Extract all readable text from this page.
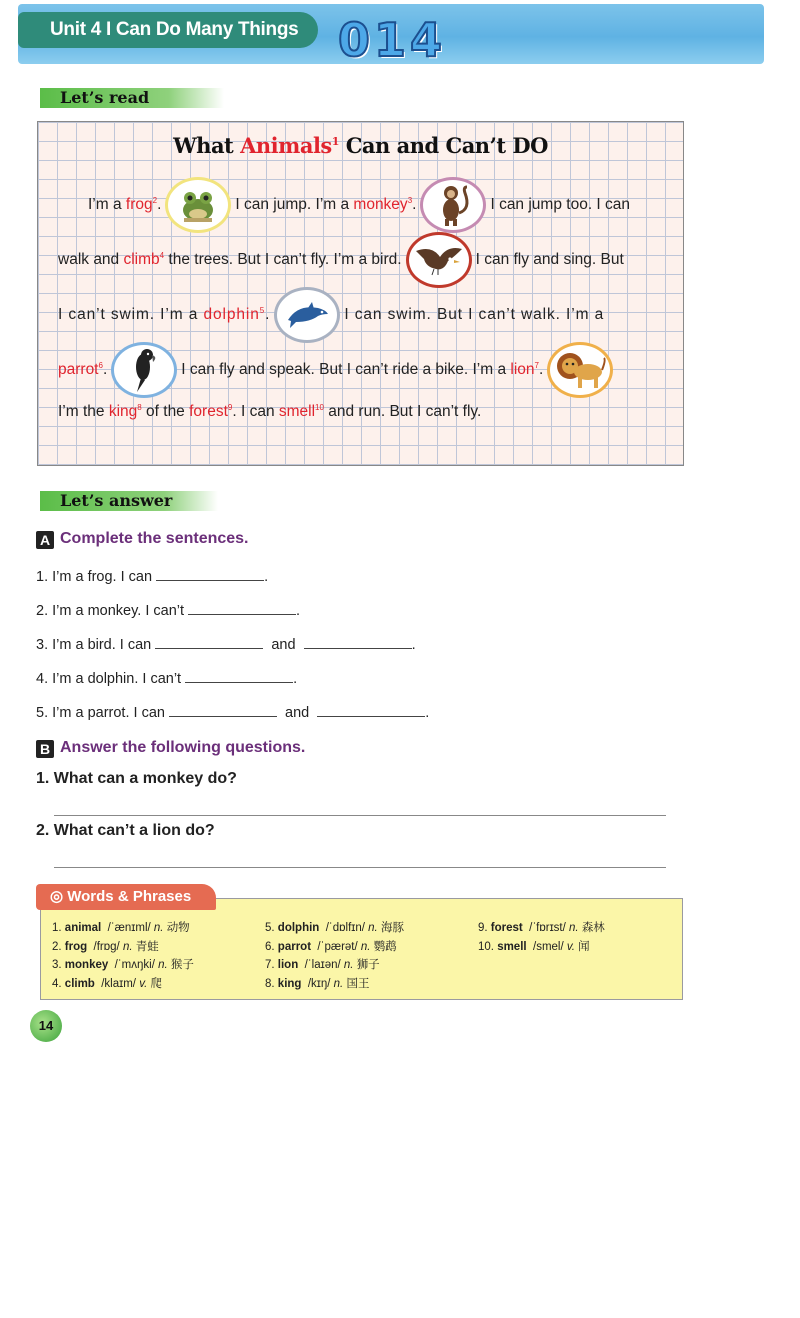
Unit 4 I Can Do Many Things 014
Let’s read
What Animals$^1$ Can and Can’t DO
I’m a frog$^2$.	I can jump. I’m a monkey$^3$.	I can jump too. I can
walk and climb$^4$ the trees. But I can’t fly. I’m a bird.	I can fly and sing. But
I can’t swim. I’m a dolphin$^5$.	I can swim. But I can’t walk. I’m a
parrot$^6$.	I can fly and speak. But I can’t ride a bike. I’m a lion$^7$.
I’m the king$^8$ of the forest$^9$. I can smell$^{10}$ and run. But I can’t fly.
Let’s answer
A Complete the sentences.
1. I’m a frog. I can	.
2. I’m a monkey. I can’t	.
3. I’m a bird. I can	and	.
4. I’m a dolphin. I can’t	.
5. I’m a parrot. I can	and	.
B Answer the following questions.
1. What can a monkey do?
2. What can’t a lion do?
◎ Words & Phrases
1. animal  /ˈænɪml/ n. 动物
2. frog  /frɒg/ n. 青蛙
3. monkey  /ˈmʌŋki/ n. 猴子
4. climb  /klaɪm/ v. 爬
5. dolphin  /ˈdɒlfɪn/ n. 海豚
6. parrot  /ˈpærət/ n. 鹦鹉
7. lion  /ˈlaɪən/ n. 狮子
8. king  /kɪŋ/ n. 国王
9. forest  /ˈfɒrɪst/ n. 森林
10. smell  /smel/ v. 闻
14
